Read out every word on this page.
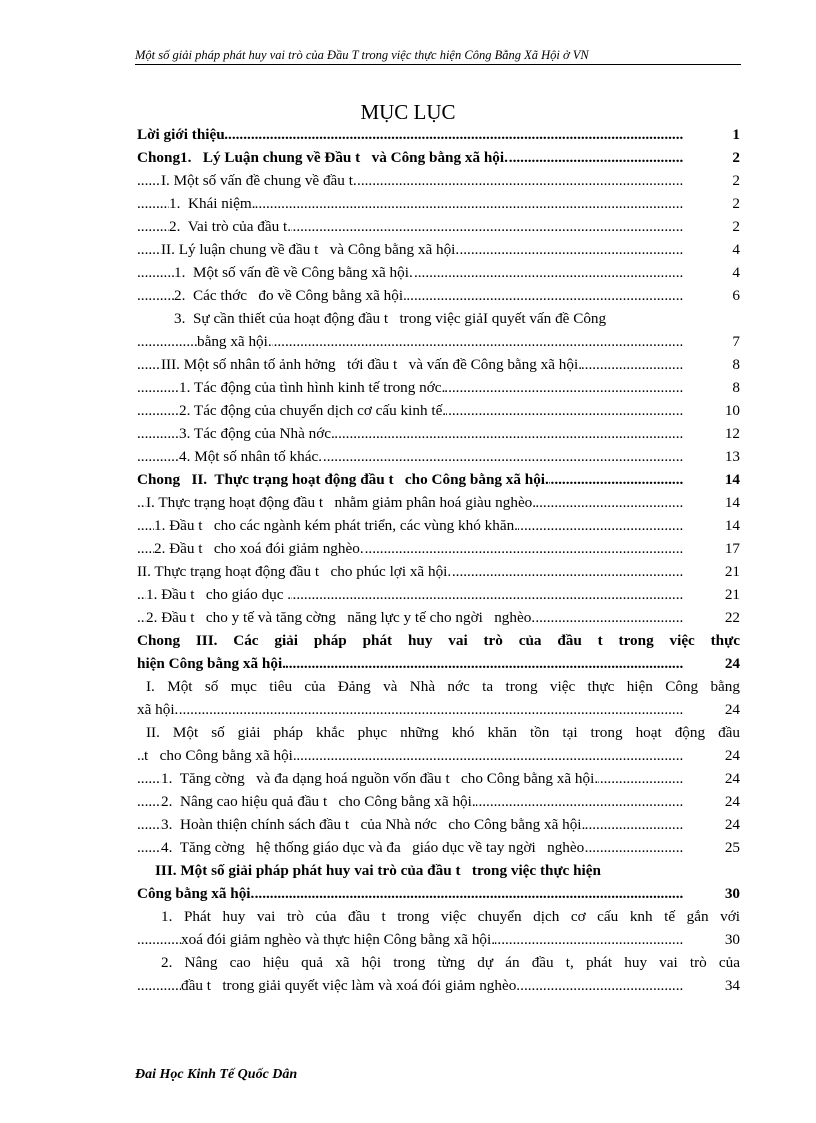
Một số giải pháp phát huy vai trò của Đầu T trong việc thực hiện Công Bằng Xã Hội ở VN
MỤC LỤC
. . . 1
Lời giới thiệu
. . . 2
Chong1.   Lý Luận chung về Đầu t   và Công bằng xã hội.
. . . 2
I. Một số vấn đề chung về đầu t.
. . . 2
1.  Khái niệm.
. . . 2
2.  Vai trò của đầu t.
. . . 4
II. Lý luận chung về đầu t   và Công bằng xã hội.
. . . 4
1.  Một số vấn đề về Công bằng xã hội.
. . . 6
2.  Các thớc   đo về Công bằng xã hội.
3.  Sự cần thiết của hoạt động đầu t   trong việc giảI quyết vấn đề Công
. . . 7
bằng xã hội.
. . . 8
III. Một số nhân tố ảnh hởng   tới đầu t   và vấn đề Công bằng xã hội.
. . . 8
1. Tác động của tình hình kinh tế trong nớc.
. . . 10
2. Tác động của chuyển dịch cơ cấu kinh tế.
. . . 12
3. Tác động của Nhà nớc.
. . . 13
4. Một số nhân tố khác.
. . . 14
Chong   II.  Thực trạng hoạt động đầu t   cho Công bằng xã hội.
. . . 14
I. Thực trạng hoạt động đầu t   nhằm giảm phân hoá giàu nghèo.
. . . 14
1. Đầu t   cho các ngành kém phát triển, các vùng khó khăn.
. . . 17
2. Đầu t   cho xoá đói giảm nghèo.
. . . 21
II. Thực trạng hoạt động đầu t   cho phúc lợi xã hội.
. . . 21
1. Đầu t   cho giáo dục .
. . . 22
2. Đầu t   cho y tế và tăng cờng   năng lực y tế cho ngời   nghèo.
Chong III. Các giải pháp phát huy vai trò của đầu t trong việc thực
. . . 24
hiện Công bằng xã hội.
I. Một số mục tiêu của Đảng và Nhà nớc ta trong việc thực hiện Công bằng
. . . 24
xã hội.
II. Một số giải pháp khắc phục những khó khăn tồn tại trong hoạt động đầu
. . . 24
t   cho Công bằng xã hội.
. . . 24
1.  Tăng cờng   và đa dạng hoá nguồn vốn đầu t   cho Công bằng xã hội.
. . . 24
2.  Nâng cao hiệu quả đầu t   cho Công bằng xã hội.
. . . 24
3.  Hoàn thiện chính sách đầu t   của Nhà nớc   cho Công bằng xã hội.
. . . 25
4.  Tăng cờng   hệ thống giáo dục và đa   giáo dục về tay ngời   nghèo
III. Một số giải pháp phát huy vai trò của đầu t   trong việc thực hiện
. . . 30
Công bằng xã hội.
1. Phát huy vai trò của đầu t trong việc chuyển dịch cơ cấu knh tế gắn với
. . . 30
xoá đói giảm nghèo và thực hiện Công bằng xã hội.
2. Nâng cao hiệu quả xã hội trong từng dự án đầu t, phát huy vai trò của
. . . 34
đầu t   trong giải quyết việc làm và xoá đói giảm nghèo.
Đai Học Kinh Tế Quốc Dân
